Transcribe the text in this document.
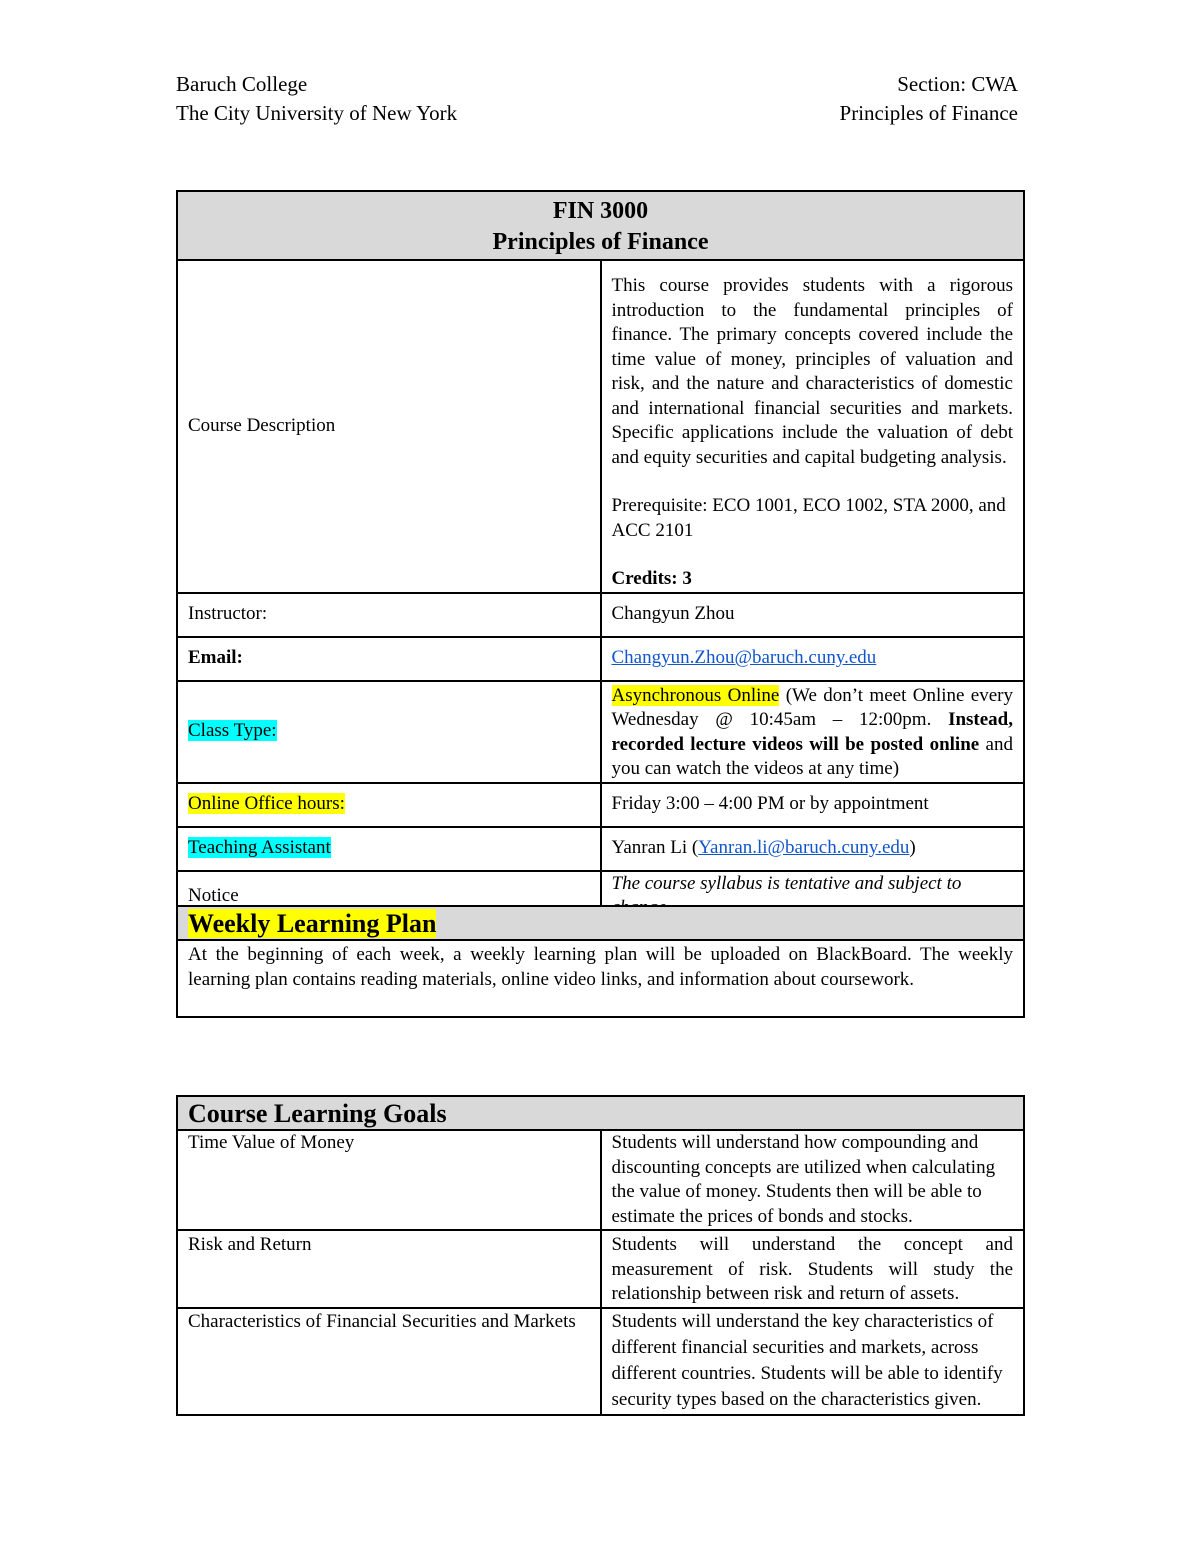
Baruch College
The City University of New York
Section: CWA
Principles of Finance
FIN 3000
Principles of Finance	

Course Description	This course provides students with a rigorous introduction to the fundamental principles of finance. The primary concepts covered include the time value of money, principles of valuation and risk, and the nature and characteristics of domestic and international financial securities and markets. Specific applications include the valuation of debt and equity securities and capital budgeting analysis.
Prerequisite: ECO 1001, ECO 1002, STA 2000, and ACC 2101
Credits: 3

Instructor:	Changyun Zhou
Email:	Changyun.Zhou@baruch.cuny.edu
Class Type:	Asynchronous Online (We don’t meet Online every Wednesday @ 10:45am – 12:00pm. Instead, recorded lecture videos will be posted online and you can watch the videos at any time)
Online Office hours:	Friday 3:00 – 4:00 PM or by appointment
Teaching Assistant	Yanran Li (Yanran.li@baruch.cuny.edu)
Notice	The course syllabus is tentative and subject to
Weekly Learning Plan
At the beginning of each week, a weekly learning plan will be uploaded on BlackBoard. The weekly learning plan contains reading materials, online video links, and information about coursework.
Course Learning Goals	
Time Value of Money	Students will understand how compounding and discounting concepts are utilized when calculating the value of money. Students then will be able to estimate the prices of bonds and stocks.
Risk and Return	Students will understand the concept and measurement of risk. Students will study the relationship between risk and return of assets.
Characteristics of Financial Securities and Markets	Students will understand the key characteristics of different financial securities and markets, across different countries. Students will be able to identify security types based on the characteristics given.
